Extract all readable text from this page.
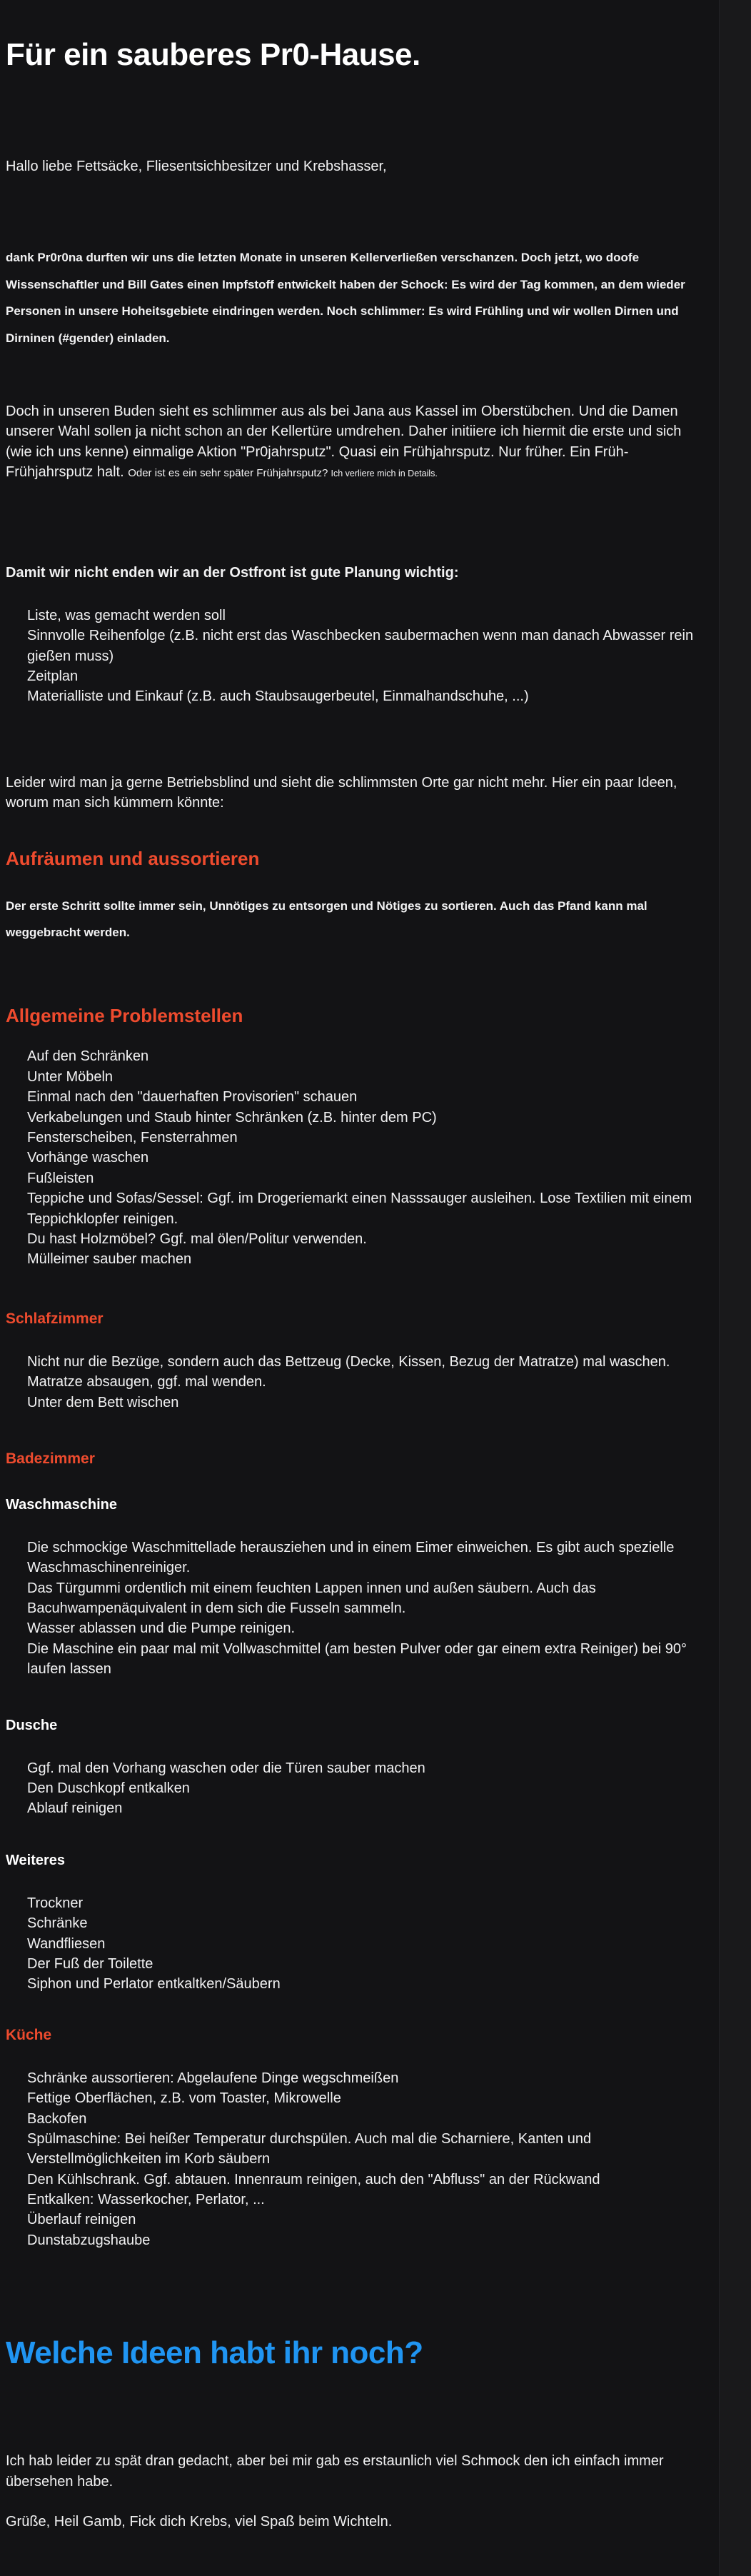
Für ein sauberes Pr0-Hause.

Hallo liebe Fettsäcke, Fliesentsichbesitzer und Krebshasser,

dank Pr0r0na durften wir uns die letzten Monate in unseren Kellerverließen verschanzen. Doch jetzt, wo doofe Wissenschaftler und Bill Gates einen Impfstoff entwickelt haben der Schock: Es wird der Tag kommen, an dem wieder Personen in unsere Hoheitsgebiete eindringen werden. Noch schlimmer: Es wird Frühling und wir wollen Dirnen und Dirninen (#gender) einladen.

Doch in unseren Buden sieht es schlimmer aus als bei Jana aus Kassel im Oberstübchen. Und die Damen unserer Wahl sollen ja nicht schon an der Kellertüre umdrehen. Daher initiiere ich hiermit die erste und sich (wie ich uns kenne) einmalige Aktion "Pr0jahrsputz". Quasi ein Frühjahrsputz. Nur früher. Ein Früh-Frühjahrsputz halt. Oder ist es ein sehr später Frühjahrsputz? Ich verliere mich in Details.

Damit wir nicht enden wir an der Ostfront ist gute Planung wichtig:

Liste, was gemacht werden soll
Sinnvolle Reihenfolge (z.B. nicht erst das Waschbecken saubermachen wenn man danach Abwasser rein gießen muss)
Zeitplan
Materialliste und Einkauf (z.B. auch Staubsaugerbeutel, Einmalhandschuhe, ...)

Leider wird man ja gerne Betriebsblind und sieht die schlimmsten Orte gar nicht mehr. Hier ein paar Ideen, worum man sich kümmern könnte:

Aufräumen und aussortieren

Der erste Schritt sollte immer sein, Unnötiges zu entsorgen und Nötiges zu sortieren. Auch das Pfand kann mal weggebracht werden.

Allgemeine Problemstellen
Auf den Schränken
Unter Möbeln
Einmal nach den "dauerhaften Provisorien" schauen
Verkabelungen und Staub hinter Schränken (z.B. hinter dem PC)
Fensterscheiben, Fensterrahmen
Vorhänge waschen
Fußleisten
Teppiche und Sofas/Sessel: Ggf. im Drogeriemarkt einen Nasssauger ausleihen. Lose Textilien mit einem Teppichklopfer reinigen.
Du hast Holzmöbel? Ggf. mal ölen/Politur verwenden.
Mülleimer sauber machen
Schlafzimmer
Nicht nur die Bezüge, sondern auch das Bettzeug (Decke, Kissen, Bezug der Matratze) mal waschen.
Matratze absaugen, ggf. mal wenden.
Unter dem Bett wischen
Badezimmer
Waschmaschine
Die schmockige Waschmittellade herausziehen und in einem Eimer einweichen. Es gibt auch spezielle Waschmaschinenreiniger.
Das Türgummi ordentlich mit einem feuchten Lappen innen und außen säubern. Auch das Bacuhwampenäquivalent in dem sich die Fusseln sammeln.
Wasser ablassen und die Pumpe reinigen.
Die Maschine ein paar mal mit Vollwaschmittel (am besten Pulver oder gar einem extra Reiniger) bei 90° laufen lassen
Dusche
Ggf. mal den Vorhang waschen oder die Türen sauber machen
Den Duschkopf entkalken
Ablauf reinigen
Weiteres
Trockner
Schränke
Wandfliesen
Der Fuß der Toilette
Siphon und Perlator entkaltken/Säubern
Küche
Schränke aussortieren: Abgelaufene Dinge wegschmeißen
Fettige Oberflächen, z.B. vom Toaster, Mikrowelle
Backofen
Spülmaschine: Bei heißer Temperatur durchspülen. Auch mal die Scharniere, Kanten und Verstellmöglichkeiten im Korb säubern
Den Kühlschrank. Ggf. abtauen. Innenraum reinigen, auch den "Abfluss" an der Rückwand
Entkalken: Wasserkocher, Perlator, ...
Überlauf reinigen
Dunstabzugshaube
Welche Ideen habt ihr noch?

Ich hab leider zu spät dran gedacht, aber bei mir gab es erstaunlich viel Schmock den ich einfach immer übersehen habe.

Grüße, Heil Gamb, Fick dich Krebs, viel Spaß beim Wichteln.
